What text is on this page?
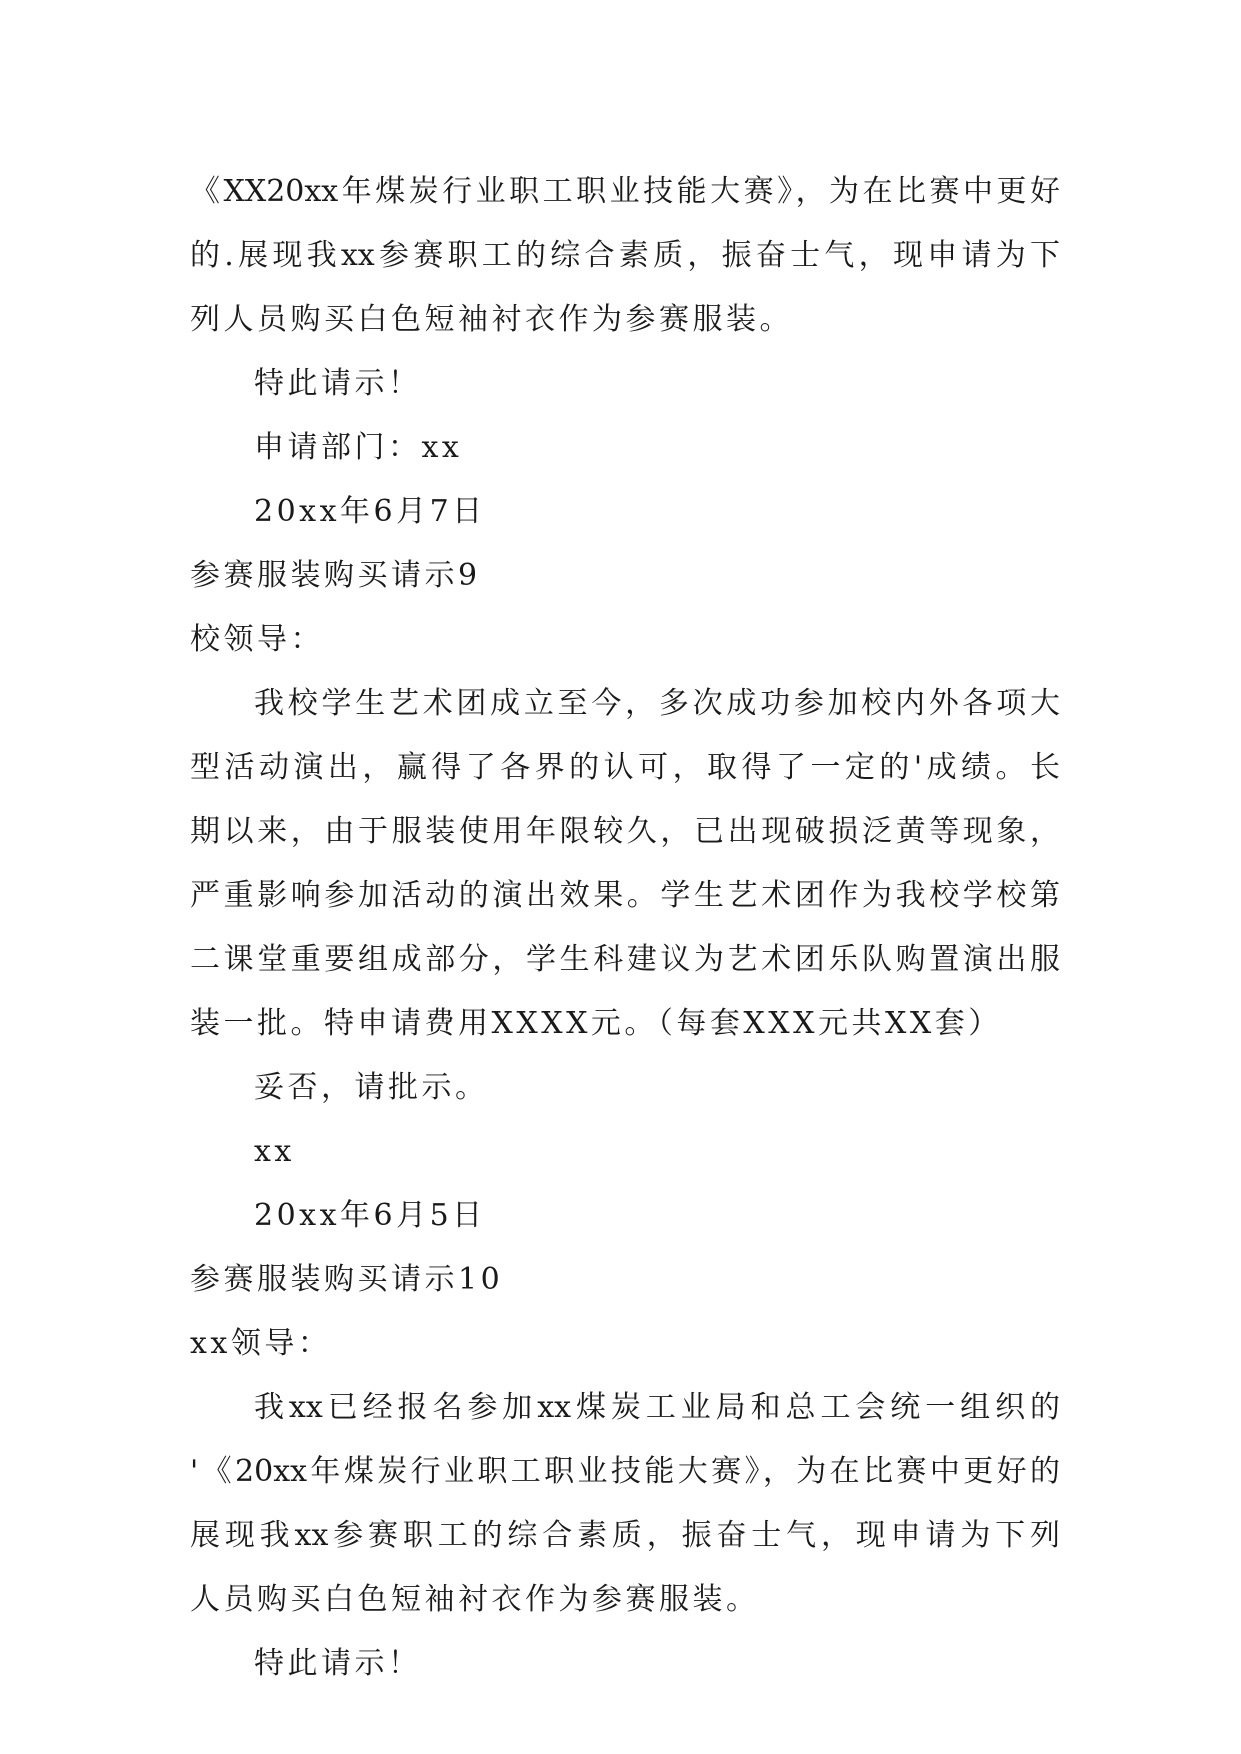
《XX20xx年煤炭行业职工职业技能大赛》，为在比赛中更好
的.展现我xx参赛职工的综合素质，振奋士气，现申请为下
列人员购买白色短袖衬衣作为参赛服装。
特此请示！
申请部门：xx
20xx年6月7日
参赛服装购买请示9
校领导：
我校学生艺术团成立至今，多次成功参加校内外各项大
型活动演出，赢得了各界的认可，取得了一定的'成绩。长
期以来，由于服装使用年限较久，已出现破损泛黄等现象，
严重影响参加活动的演出效果。学生艺术团作为我校学校第
二课堂重要组成部分，学生科建议为艺术团乐队购置演出服
装一批。特申请费用XXXX元。（每套XXX元共XX套）
妥否，请批示。
xx
20xx年6月5日
参赛服装购买请示10
xx领导：
我xx已经报名参加xx煤炭工业局和总工会统一组织的
'《20xx年煤炭行业职工职业技能大赛》，为在比赛中更好的
展现我xx参赛职工的综合素质，振奋士气，现申请为下列
人员购买白色短袖衬衣作为参赛服装。
特此请示！
